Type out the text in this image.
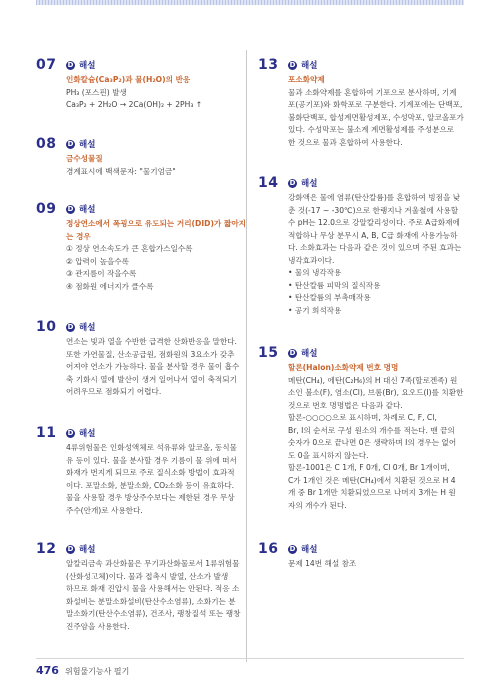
07	D 해설
인화칼슘(Ca₃P₂)과 물(H₂O)의 반응
PH₃ (포스핀) 발생
Ca₃P₂ + 2H₂O → 2Ca(OH)₂ + 2PH₃ ↑
08	D 해설
금수성물질
경계표시에 백색문자: "물기엄금"
09	D 해설
정상연소에서 폭굉으로 유도되는 거리(DID)가 짧아지는 경우
① 정상 연소속도가 큰 혼합가스일수록
② 압력이 높을수록
③ 관지름이 작을수록
④ 점화원 에너지가 클수록
10	D 해설
연소는 빛과 열을 수반한 급격한 산화반응을 말한다.
또한 가연물질, 산소공급원, 점화원의 3요소가 갖추
어져야 연소가 가능하다. 물을 분사할 경우 물이 흡수
축 기화시 열에 발산이 생겨 일어나서 열이 축적되기
어려우므로 점화되기 어렵다.
11	D 해설
4류위험물은 인화성액체로 석유류와 알코올, 동식물
유 등이 있다. 물을 분사할 경우 기름이 물 위에 떠서
화재가 번지게 되므로 주로 질식소화 방법이 효과적
이다. 포말소화, 분말소화, CO₂소화 등이 유효하다.
물을 사용할 경우 방상주수보다는 제한된 경우 무상
주수(안개)로 사용한다.
12	D 해설
알칼리금속 과산화물은 무기과산화물로서 1류위험물
(산화성고체)이다. 물과 접촉시 발열, 산소가 발생
하므로 화재 진압시 물을 사용해서는 안된다. 적응 소
화설비는 분말소화설비(탄산수소염류), 소화기는 분
말소화기(탄산수소염류), 건조사, 팽창질석 또는 팽창
진주암을 사용한다.
13	D 해설
포소화약제
물과 소화약제를 혼합하여 기포으로 분사하며, 기계
포(공기포)와 화학포로 구분한다. 기계포에는 단백포,
불화단백포, 합성계면활성제포, 수성막포, 알코올포가
있다. 수성막포는 불소계 계면활성제를 주성분으로
한 것으로 물과 혼합하여 사용한다.
14	D 해설
강화액은 물에 염류(탄산칼륨)를 혼합하여 빙점을 낮
춘 것(-17 ~ -30℃)으로 한랭지나 겨울철에 사용할
수 pH는 12.0으로 강알칼리성이다. 주로 A급화재에
적합하나 무상 분무시 A, B, C급 화재에 사용가능하
다. 소화효과는 다음과 같은 것이 있으며 주된 효과는
냉각효과이다.
• 물의 냉각작용
• 탄산칼륨 피막의 질식작용
• 탄산칼륨의 부촉매작용
• 공기 희석작용
15	D 해설
할론(Halon)소화약제 번호 명명
메탄(CH₄), 에탄(C₂H₆)의 H 대신 7족(할로겐족) 원
소인 불소(F), 염소(Cl), 브롬(Br), 요오드(I)를 치환한
것으로 번호 명명법은 다음과 같다.
할론-○○○○으로 표시하며, 차례로 C, F, Cl,
Br, I의 순서로 구성 원소의 개수를 적는다. 맨 끝의
숫자가 0으로 끝나면 0은 생략하며 I의 경우는 없어
도 0을 표시하지 않는다.
할론-1001은 C 1개, F 0개, Cl 0개, Br 1개이며,
C가 1개인 것은 메탄(CH₄)에서 치환된 것으로 H 4
개 중 Br 1개만 치환되었으므로 나머지 3개는 H 원
자의 개수가 된다.
16	D 해설
문제 14번 해설 참조
476 위험물기능사 필기
